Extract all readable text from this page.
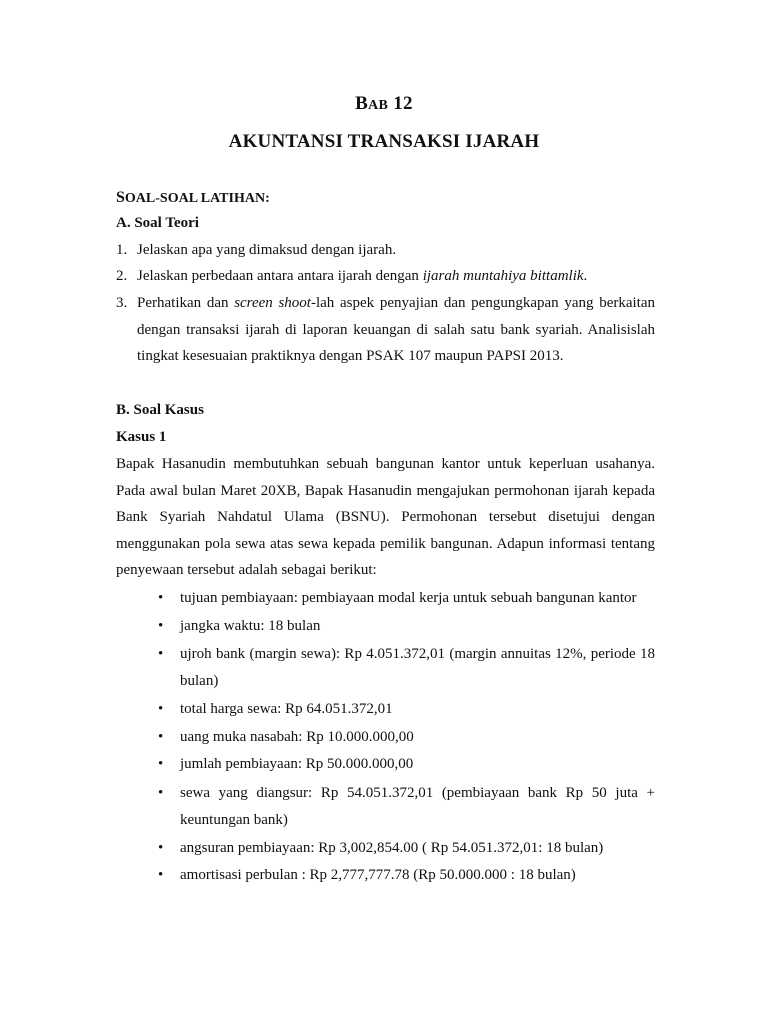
BAB 12
AKUNTANSI TRANSAKSI IJARAH
SOAL-SOAL LATIHAN:
A. Soal Teori
1. Jelaskan apa yang dimaksud dengan ijarah.
2. Jelaskan perbedaan antara antara ijarah dengan ijarah muntahiya bittamlik.
3. Perhatikan dan screen shoot-lah aspek penyajian dan pengungkapan yang berkaitan
dengan transaksi ijarah di laporan keuangan di salah satu bank syariah. Analisislah
tingkat kesesuaian praktiknya dengan PSAK 107 maupun PAPSI 2013.
B. Soal Kasus
Kasus 1
Bapak Hasanudin membutuhkan sebuah bangunan kantor untuk keperluan usahanya.
Pada awal bulan Maret 20XB, Bapak Hasanudin mengajukan permohonan ijarah kepada
Bank Syariah Nahdatul Ulama (BSNU). Permohonan tersebut disetujui dengan
menggunakan pola sewa atas sewa kepada pemilik bangunan. Adapun informasi tentang
penyewaan tersebut adalah sebagai berikut:
• tujuan pembiayaan: pembiayaan modal kerja untuk sebuah bangunan kantor
• jangka waktu: 18 bulan
• ujroh bank (margin sewa): Rp 4.051.372,01 (margin annuitas 12%, periode 18
bulan)
• total harga sewa: Rp 64.051.372,01
• uang muka nasabah: Rp 10.000.000,00
• jumlah pembiayaan: Rp 50.000.000,00
• sewa yang diangsur: Rp 54.051.372,01 (pembiayaan bank Rp 50 juta +
keuntungan bank)
• angsuran pembiayaan: Rp 3,002,854.00 ( Rp 54.051.372,01: 18 bulan)
• amortisasi perbulan : Rp 2,777,777.78 (Rp 50.000.000 : 18 bulan)
